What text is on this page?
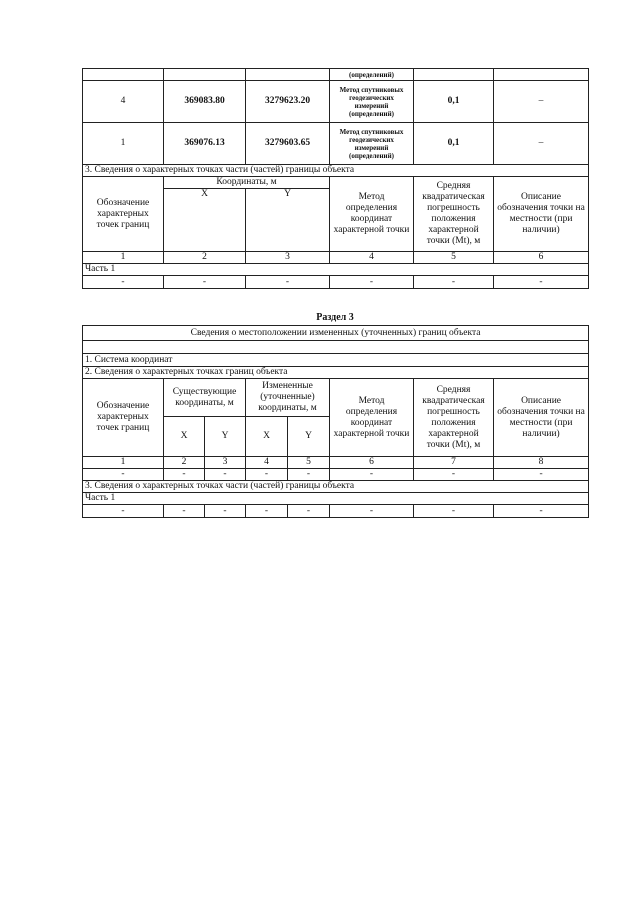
			(определений)		
4	369083.80	3279623.20	Метод спутниковых геодезических измерений (определений)	0,1	–
1	369076.13	3279603.65	Метод спутниковых геодезических измерений (определений)	0,1	–
3. Сведения о характерных точках части (частей) границы объекта					
Обозначение характерных точек границ	Координаты, м		Метод определения координат характерной точки	Средняя квадратическая погрешность положения характерной точки (Mt), м	Описание обозначения точки на местности (при наличии)
	X	Y			

1	2	3	4	5	6
Часть 1					
-	-	-	-	-	-
Раздел 3
Сведения о местоположении измененных (уточненных) границ объекта							

1. Система координат							
2. Сведения о характерных точках границ объекта							
Обозначение характерных точек границ	Существующие координаты, м		Измененные (уточненные) координаты, м		Метод определения координат характерной точки	Средняя квадратическая погрешность положения характерной точки (Mt), м	Описание обозначения точки на местности (при наличии)
	X	Y	X	Y			
1	2	3	4	5	6	7	8
-	-	-	-	-	-	-	-
3. Сведения о характерных точках части (частей) границы объекта							
Часть 1							
-	-	-	-	-	-	-	-
